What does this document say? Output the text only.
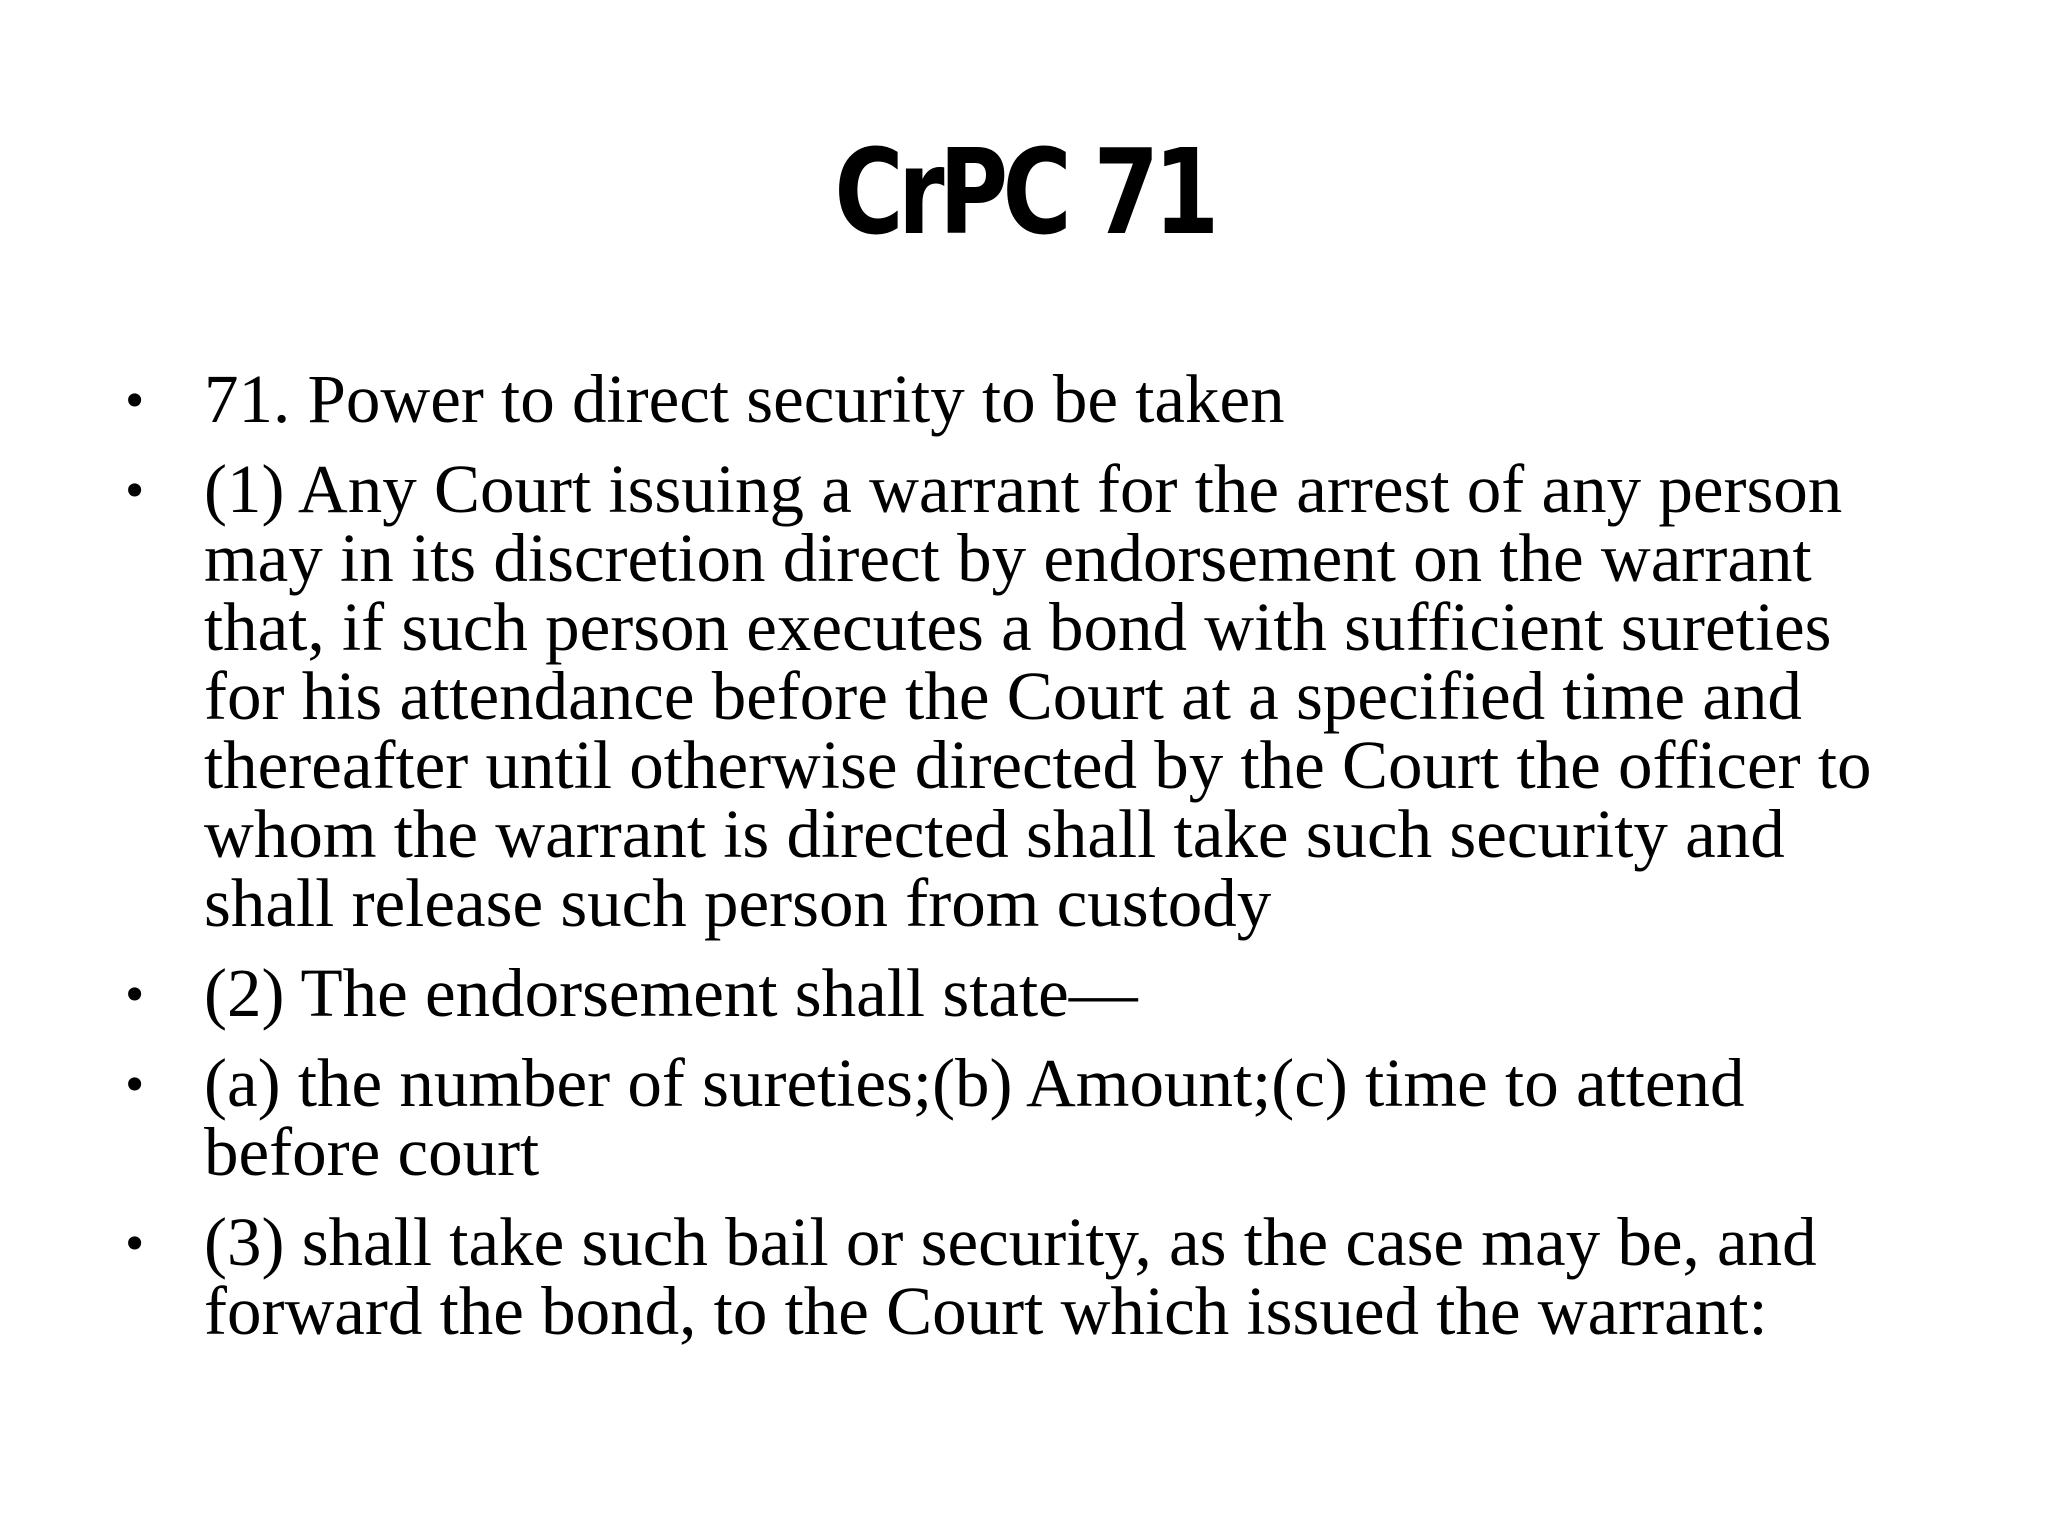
CrPC 71
• 71. Power to direct security to be taken
• (1) Any Court issuing a warrant for the arrest of any person
may in its discretion direct by endorsement on the warrant
that, if such person executes a bond with sufficient sureties
for his attendance before the Court at a specified time and
thereafter until otherwise directed by the Court the officer to
whom the warrant is directed shall take such security and
shall release such person from custody
• (2) The endorsement shall state—
• (a) the number of sureties;(b) Amount;(c) time to attend
before court
• (3) shall take such bail or security, as the case may be, and
forward the bond, to the Court which issued the warrant:
